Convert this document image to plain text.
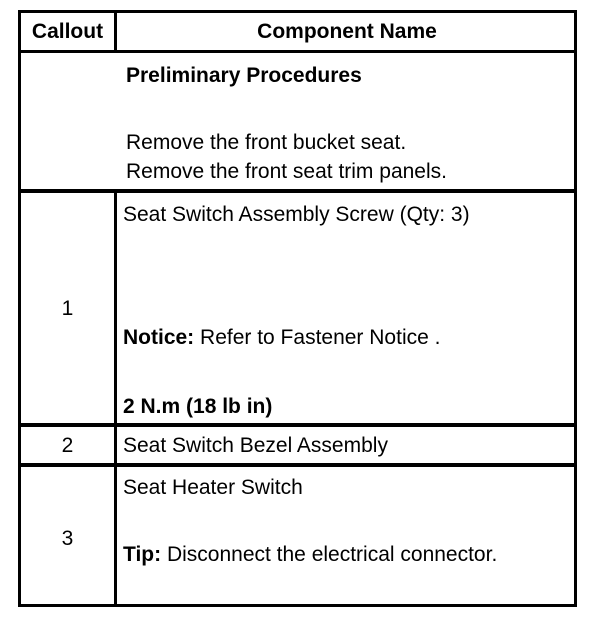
Callout	Component Name
Preliminary Procedures
Remove the front bucket seat.
Remove the front seat trim panels.
1
Seat Switch Assembly Screw (Qty: 3)
Notice: Refer to Fastener Notice .
2 N.m (18 lb in)
2	Seat Switch Bezel Assembly
3
Seat Heater Switch
Tip: Disconnect the electrical connector.
